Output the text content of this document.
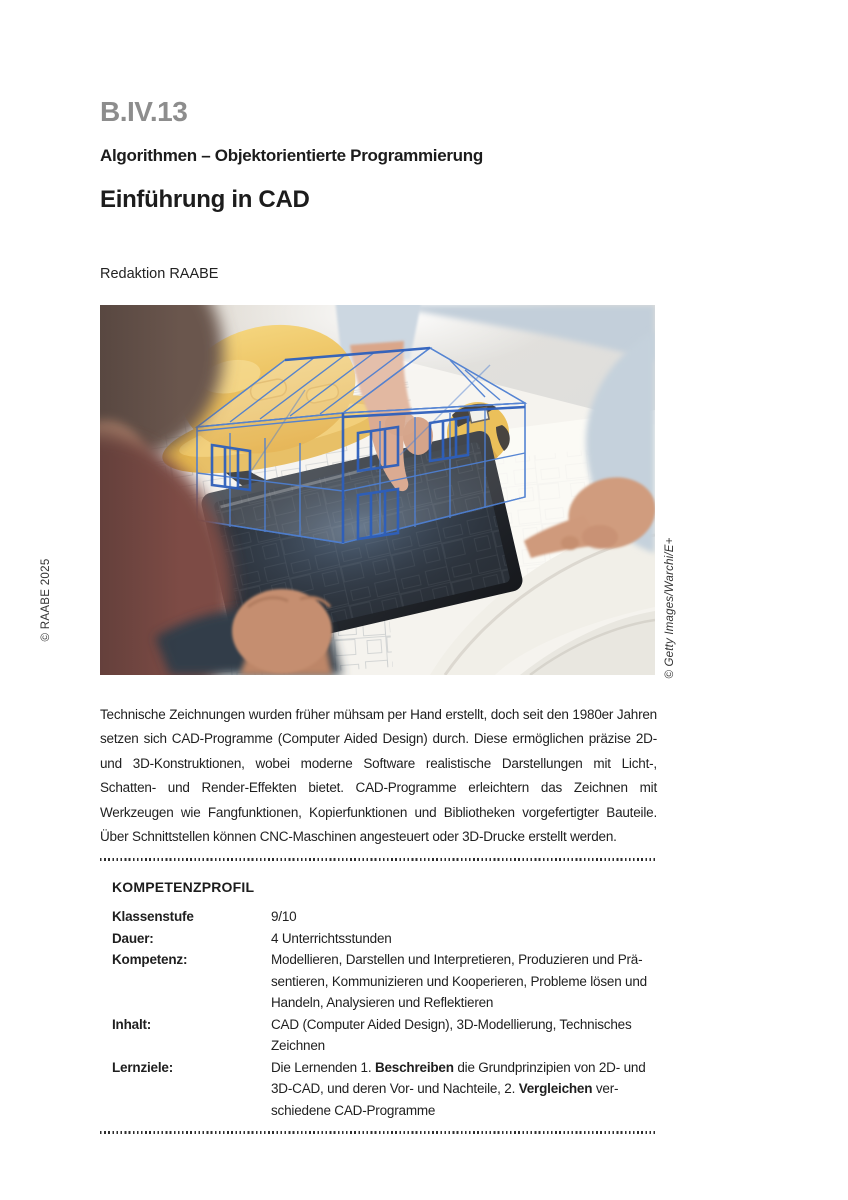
B.IV.13
Algorithmen – Objektorientierte Programmierung
Einführung in CAD
Redaktion RAABE
© RAABE 2025	© Getty Images/Warchi/E+

Technische Zeichnungen wurden früher mühsam per Hand erstellt, doch seit den 1980er Jahren setzen sich CAD-Programme (Computer Aided Design) durch. Diese ermöglichen präzise 2D- und 3D-Konstruktionen, wobei moderne Software realistische Darstellungen mit Licht-, Schatten- und Render-Effekten bietet. CAD-Programme erleichtern das Zeichnen mit Werkzeugen wie Fangfunktionen, Kopierfunktionen und Bibliotheken vorgefertigter Bauteile. Über Schnittstellen können CNC-Maschinen angesteuert oder 3D-Drucke erstellt werden.

KOMPETENZPROFIL
Klassenstufe	9/10
Dauer:	4 Unterrichtsstunden
Kompetenz:	Modellieren, Darstellen und Interpretieren, Produzieren und Präsentieren, Kommunizieren und Kooperieren, Probleme lösen und Handeln, Analysieren und Reflektieren
Inhalt:	CAD (Computer Aided Design), 3D-Modellierung, Technisches Zeichnen
Lernziele:	Die Lernenden 1. Beschreiben die Grundprinzipien von 2D- und 3D-CAD, und deren Vor- und Nachteile, 2. Vergleichen verschiedene CAD-Programme
